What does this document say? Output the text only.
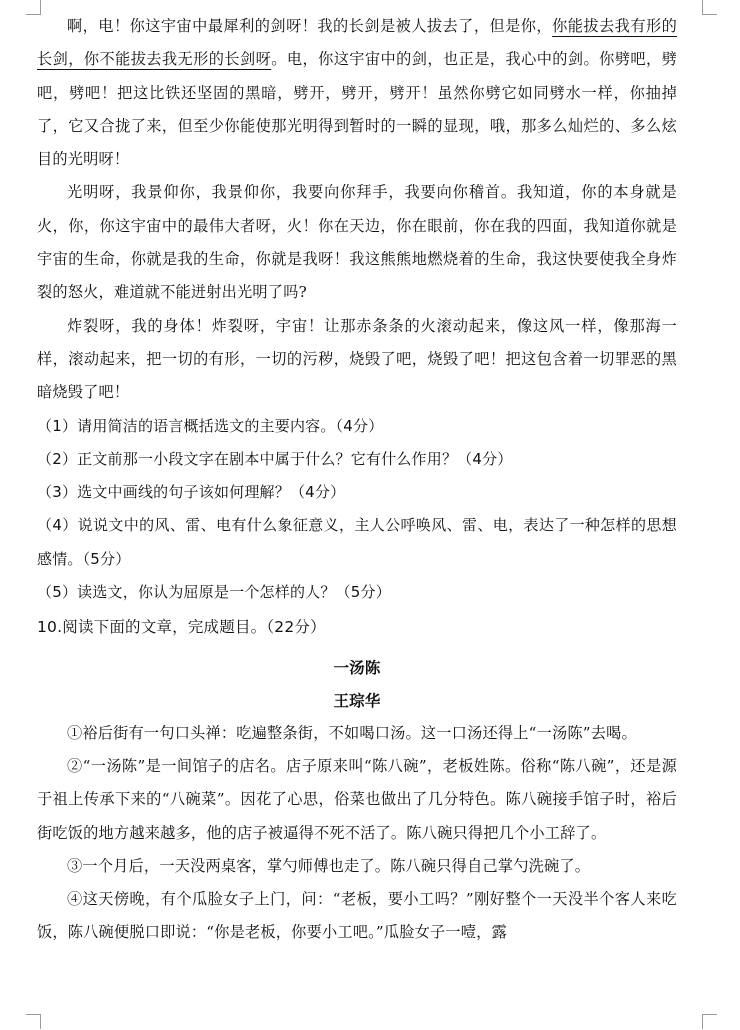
啊，电！你这宇宙中最犀利的剑呀！我的长剑是被人拔去了，但是你，你能拔去我有形的长剑，你不能拔去我无形的长剑呀。电，你这宇宙中的剑，也正是，我心中的剑。你劈吧，劈吧，劈吧！把这比铁还坚固的黑暗，劈开，劈开，劈开！虽然你劈它如同劈水一样，你抽掉了，它又合拢了来，但至少你能使那光明得到暂时的一瞬的显现，哦，那多么灿烂的、多么炫目的光明呀！

光明呀，我景仰你，我景仰你，我要向你拜手，我要向你稽首。我知道，你的本身就是火，你，你这宇宙中的最伟大者呀，火！你在天边，你在眼前，你在我的四面，我知道你就是宇宙的生命，你就是我的生命，你就是我呀！我这熊熊地燃烧着的生命，我这快要使我全身炸裂的怒火，难道就不能迸射出光明了吗?

炸裂呀，我的身体！炸裂呀，宇宙！让那赤条条的火滚动起来，像这风一样，像那海一样，滚动起来，把一切的有形，一切的污秽，烧毁了吧，烧毁了吧！把这包含着一切罪恶的黑暗烧毁了吧！

（1）请用简洁的语言概括选文的主要内容。（4分）

（2）正文前那一小段文字在剧本中属于什么？它有什么作用？（4分）

（3）选文中画线的句子该如何理解？（4分）

（4）说说文中的风、雷、电有什么象征意义，主人公呼唤风、雷、电，表达了一种怎样的思想感情。（5分）

（5）读选文，你认为屈原是一个怎样的人？（5分）

10.阅读下面的文章，完成题目。（22分）

一汤陈

王琮华

①裕后街有一句口头禅：吃遍整条街，不如喝口汤。这一口汤还得上“一汤陈”去喝。

②“一汤陈”是一间馆子的店名。店子原来叫“陈八碗”，老板姓陈。俗称“陈八碗”，还是源于祖上传承下来的“八碗菜”。因花了心思，俗菜也做出了几分特色。陈八碗接手馆子时，裕后街吃饭的地方越来越多，他的店子被逼得不死不活了。陈八碗只得把几个小工辞了。

③一个月后，一天没两桌客，掌勺师傅也走了。陈八碗只得自己掌勺洗碗了。

④这天傍晚，有个瓜脸女子上门，问：“老板，要小工吗？”刚好整个一天没半个客人来吃饭，陈八碗便脱口即说：“你是老板，你要小工吧。”瓜脸女子一噎，露
